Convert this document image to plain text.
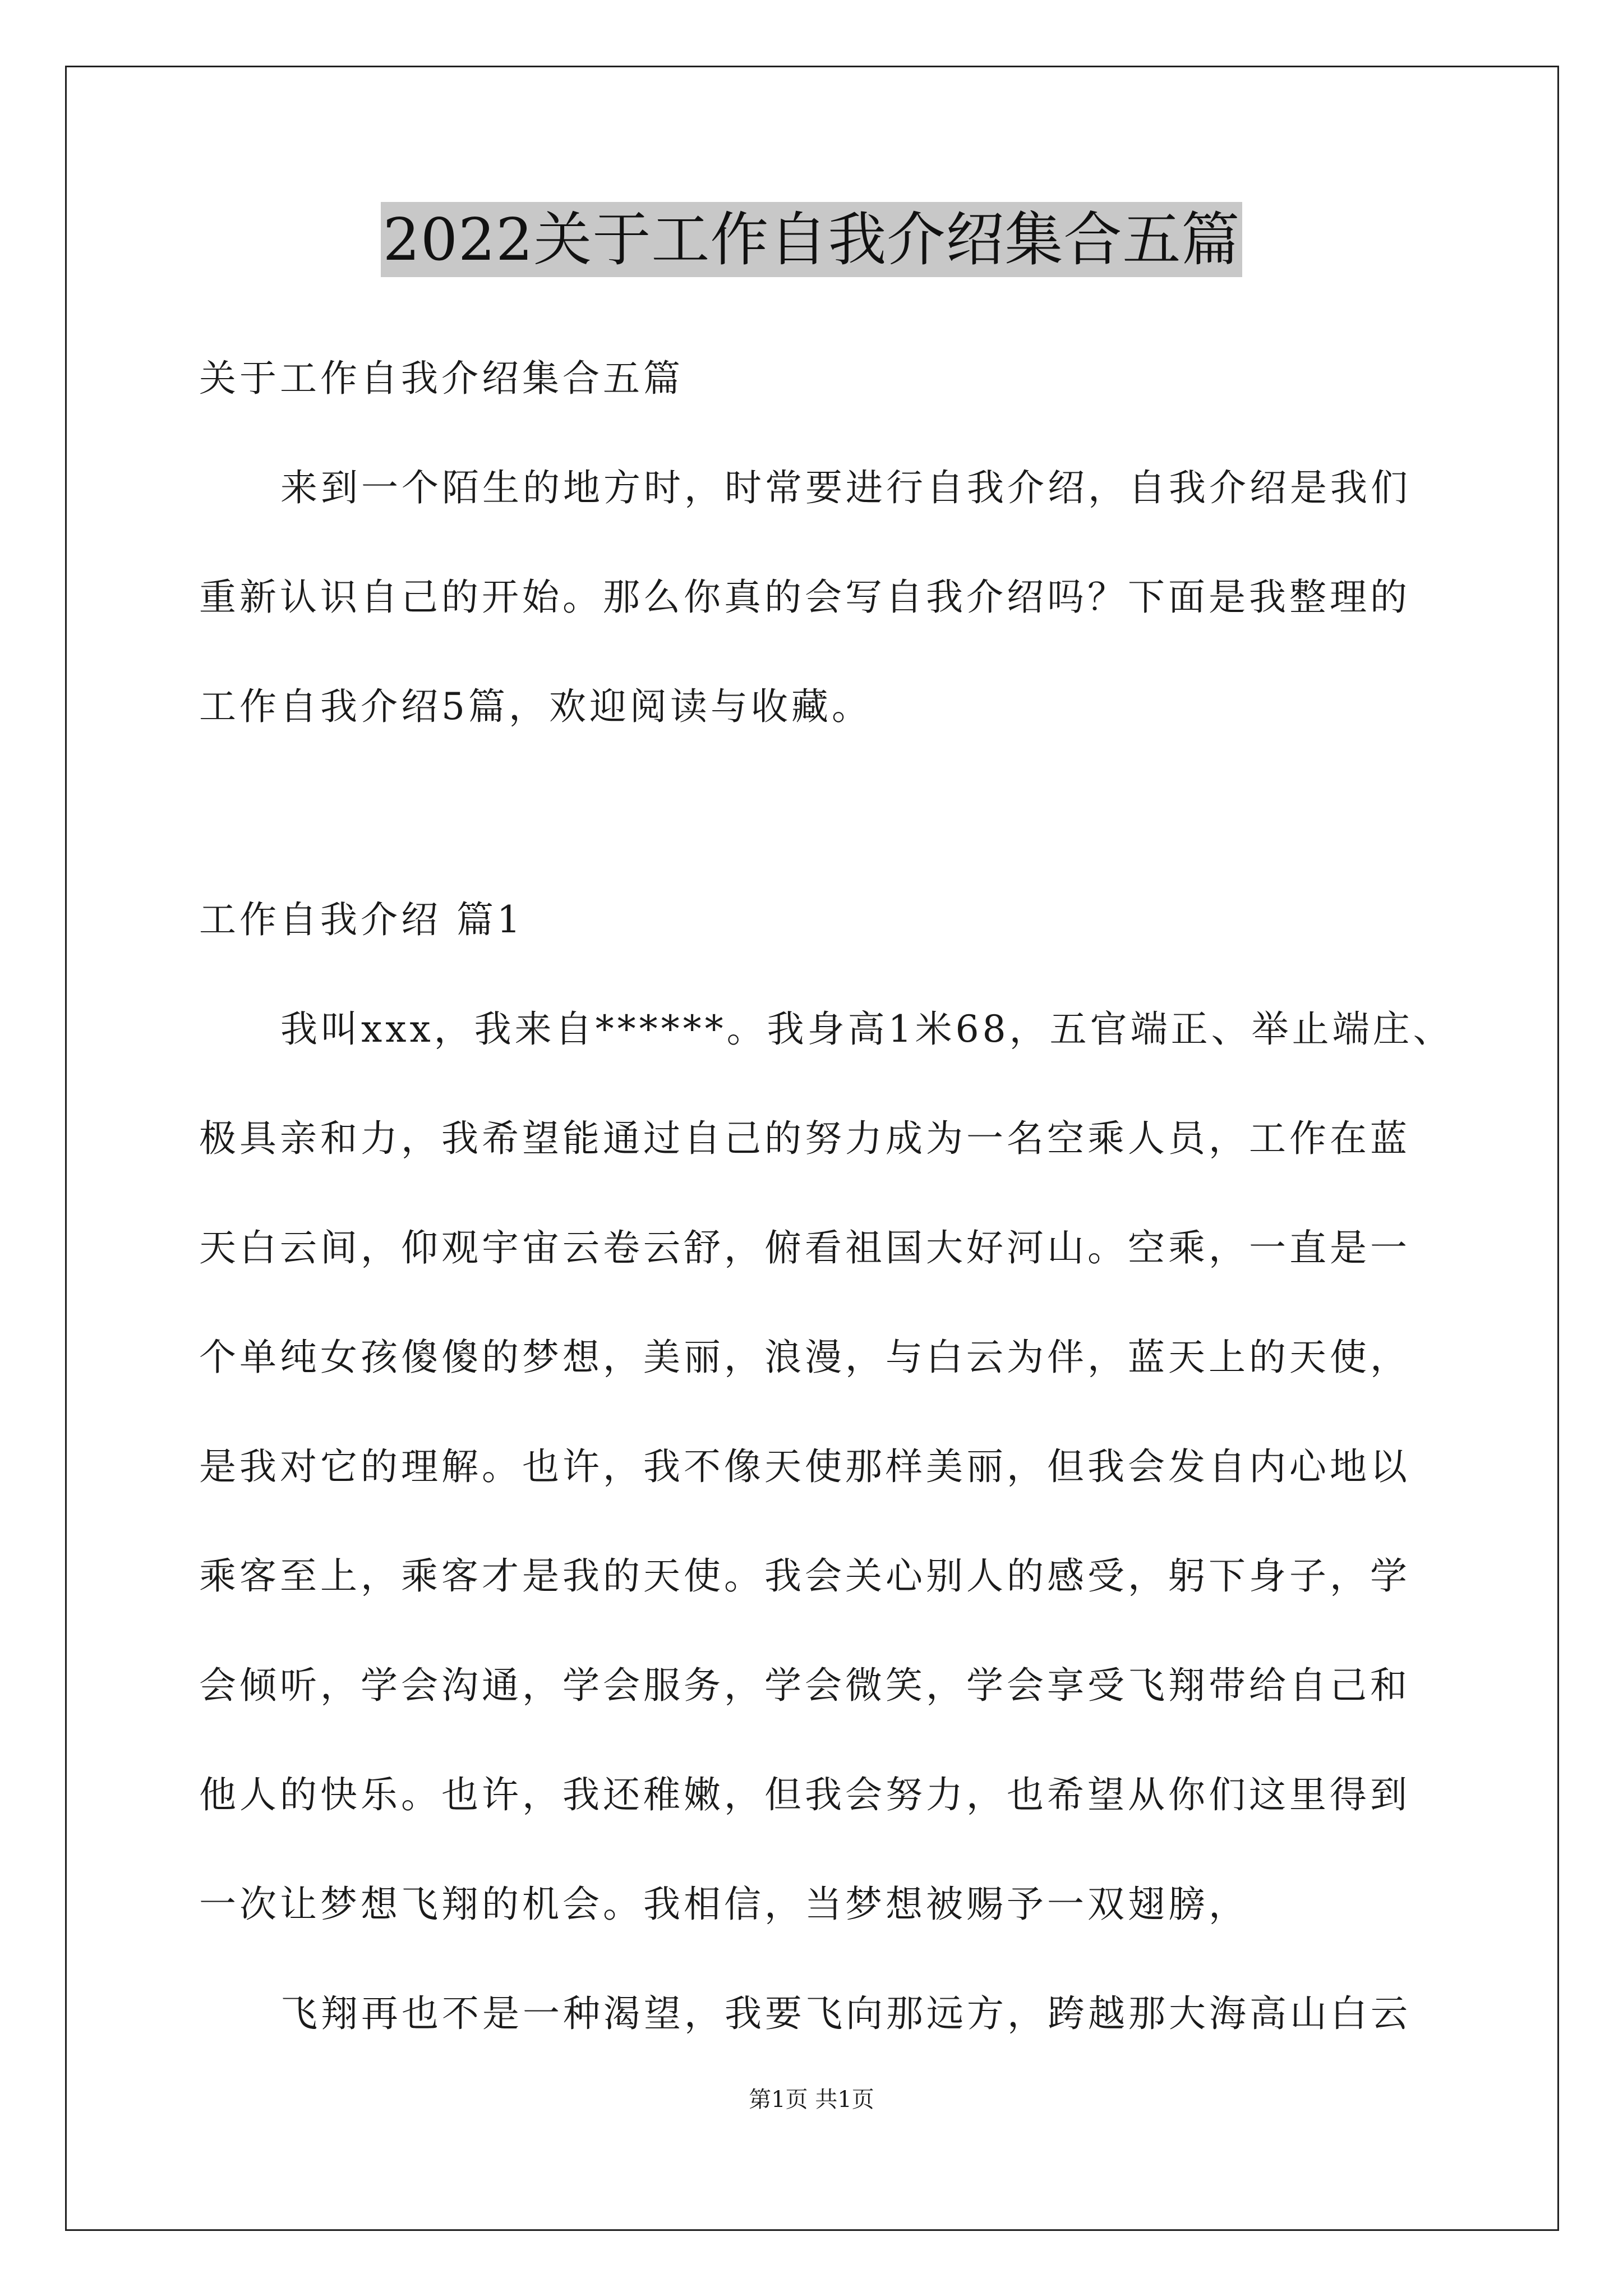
2022关于工作自我介绍集合五篇
关于工作自我介绍集合五篇
来到一个陌生的地方时，时常要进行自我介绍，自我介绍是我们
重新认识自己的开始。那么你真的会写自我介绍吗？下面是我整理的
工作自我介绍5篇，欢迎阅读与收藏。
工作自我介绍 篇1
我叫xxx，我来自******。我身高1米68，五官端正、举止端庄、
极具亲和力，我希望能通过自己的努力成为一名空乘人员，工作在蓝
天白云间，仰观宇宙云卷云舒，俯看祖国大好河山。空乘，一直是一
个单纯女孩傻傻的梦想，美丽，浪漫，与白云为伴，蓝天上的天使，
是我对它的理解。也许，我不像天使那样美丽，但我会发自内心地以
乘客至上，乘客才是我的天使。我会关心别人的感受，躬下身子，学
会倾听，学会沟通，学会服务，学会微笑，学会享受飞翔带给自己和
他人的快乐。也许，我还稚嫩，但我会努力，也希望从你们这里得到
一次让梦想飞翔的机会。我相信，当梦想被赐予一双翅膀，
飞翔再也不是一种渴望，我要飞向那远方，跨越那大海高山白云
第1页 共1页
